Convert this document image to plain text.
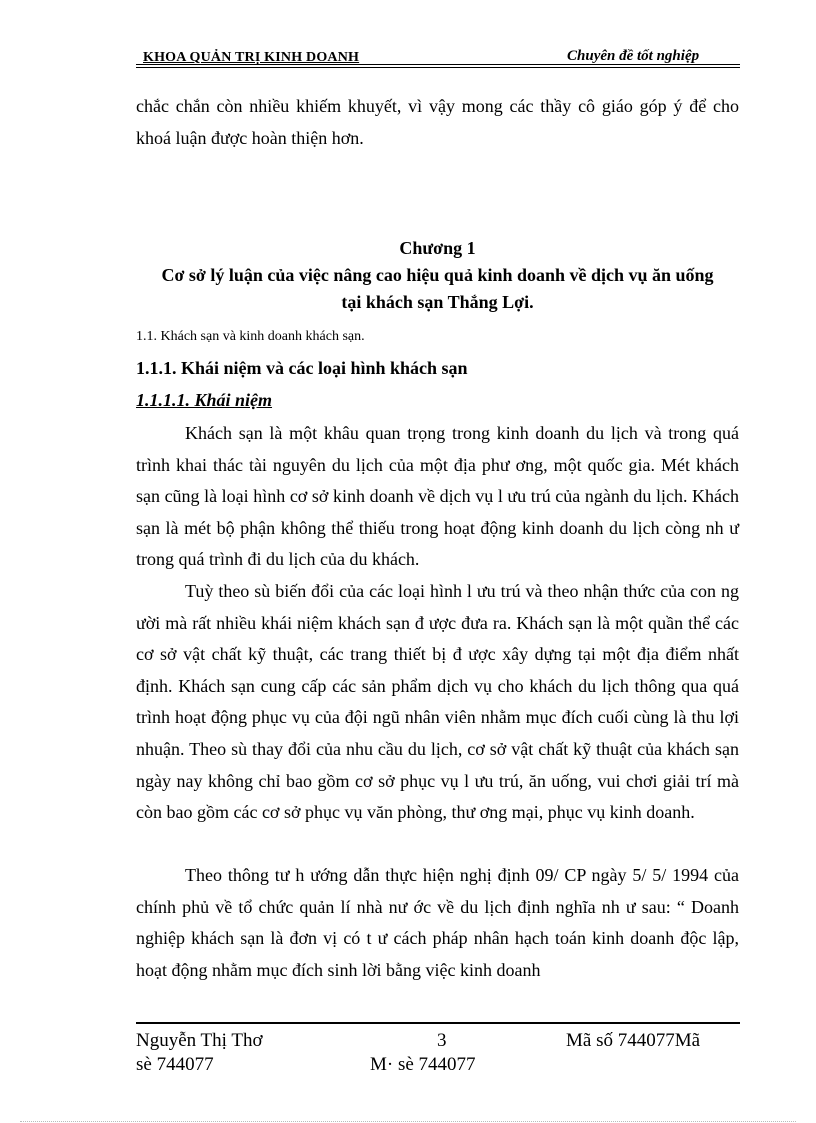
KHOA QUẢN TRỊ KINH DOANH	Chuyên đề tốt nghiệp
chắc chắn còn nhiều khiếm khuyết, vì vậy mong các thầy cô giáo góp ý để cho khoá luận được hoàn thiện hơn.
Chương 1
Cơ sở lý luận của việc nâng cao hiệu quả kinh doanh về dịch vụ ăn uống
tại khách sạn Thắng Lợi.
1.1. Khách sạn và kinh doanh khách sạn.
1.1.1. Khái niệm và các loại hình khách sạn
1.1.1.1. Khái niệm
Khách sạn là một khâu quan trọng trong kinh doanh du lịch và trong quá trình khai thác tài nguyên du lịch của một địa phư ơng, một quốc gia. Mét khách sạn cũng là loại hình cơ sở kinh doanh về dịch vụ l ưu trú của ngành du lịch. Khách sạn là mét bộ phận không thể thiếu trong hoạt động kinh doanh du lịch còng nh ư trong quá trình đi du lịch của du khách.
Tuỳ theo sù biến đổi của các loại hình l ưu trú và theo nhận thức của con ng ười mà rất nhiều khái niệm khách sạn đ ược đưa ra. Khách sạn là một quần thể các cơ sở vật chất kỹ thuật, các trang thiết bị đ ược xây dựng tại một địa điểm nhất định. Khách sạn cung cấp các sản phẩm dịch vụ cho khách du lịch thông qua quá trình hoạt động phục vụ của đội ngũ nhân viên nhằm mục đích cuối cùng là thu lợi nhuận. Theo sù thay đổi của nhu cầu du lịch, cơ sở vật chất kỹ thuật của khách sạn ngày nay không chỉ bao gồm cơ sở phục vụ l ưu trú, ăn uống, vui chơi giải trí mà còn bao gồm các cơ sở phục vụ văn phòng, thư ơng mại, phục vụ kinh doanh.
Theo thông tư h ướng dẫn thực hiện nghị định 09/ CP ngày 5/ 5/ 1994 của chính phủ về tổ chức quản lí nhà nư ớc về du lịch định nghĩa nh ư sau: “ Doanh nghiệp khách sạn là đơn vị có t ư cách pháp nhân hạch toán kinh doanh độc lập, hoạt động nhằm mục đích sinh lời bằng việc kinh doanh
Nguyễn Thị Thơ	3	Mã số 744077Mã
sè 744077	M· sè 744077
